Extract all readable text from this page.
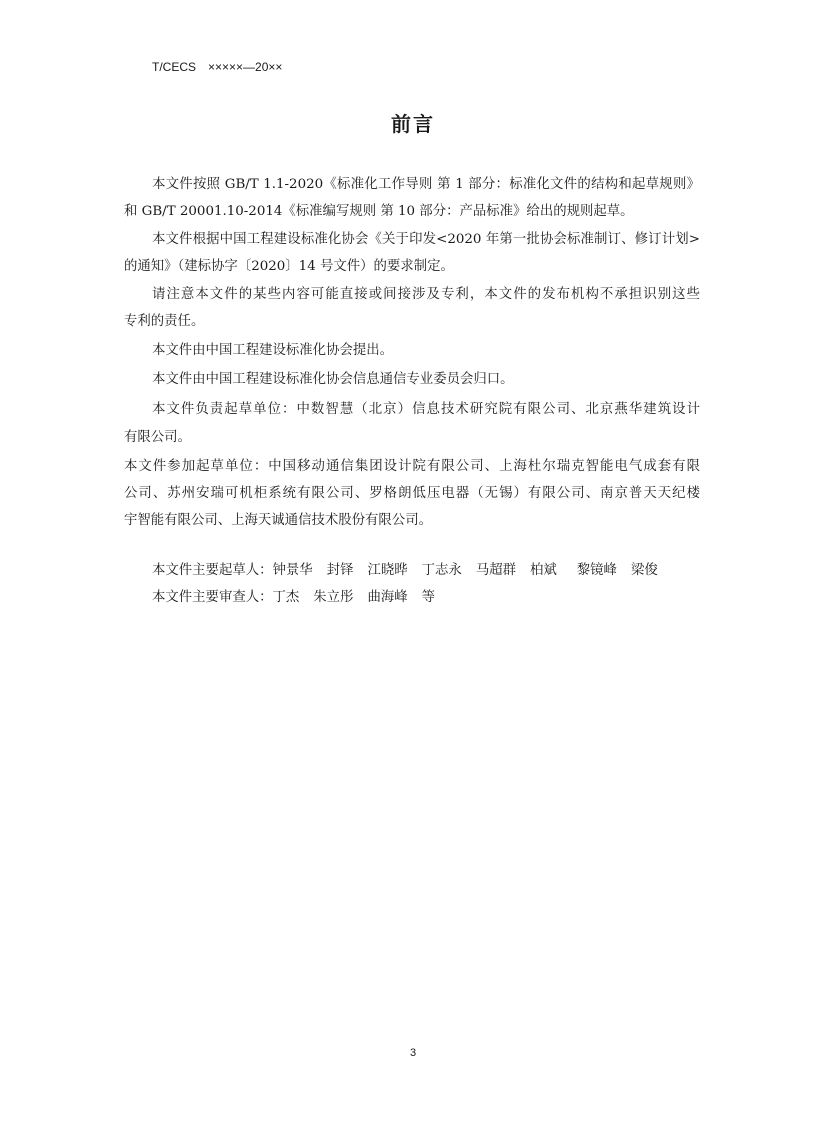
T/CECS ×××××—20××
前言
本文件按照 GB/T 1.1-2020《标准化工作导则 第 1 部分：标准化文件的结构和起草规则》
和 GB/T 20001.10-2014《标准编写规则 第 10 部分：产品标准》给出的规则起草。
本文件根据中国工程建设标准化协会《关于印发<2020 年第一批协会标准制订、修订计划>
的通知》（建标协字〔2020〕14 号文件）的要求制定。
请注意本文件的某些内容可能直接或间接涉及专利，本文件的发布机构不承担识别这些
专利的责任。
本文件由中国工程建设标准化协会提出。
本文件由中国工程建设标准化协会信息通信专业委员会归口。
本文件负责起草单位：中数智慧（北京）信息技术研究院有限公司、北京燕华建筑设计
有限公司。
本文件参加起草单位：中国移动通信集团设计院有限公司、上海杜尔瑞克智能电气成套有限
公司、苏州安瑞可机柜系统有限公司、罗格朗低压电器（无锡）有限公司、南京普天天纪楼
宇智能有限公司、上海天诚通信技术股份有限公司。
本文件主要起草人：钟景华 封铎 江晓晔 丁志永 马超群 柏斌 黎镜峰 梁俊
本文件主要审查人：丁杰 朱立彤 曲海峰 等
3
